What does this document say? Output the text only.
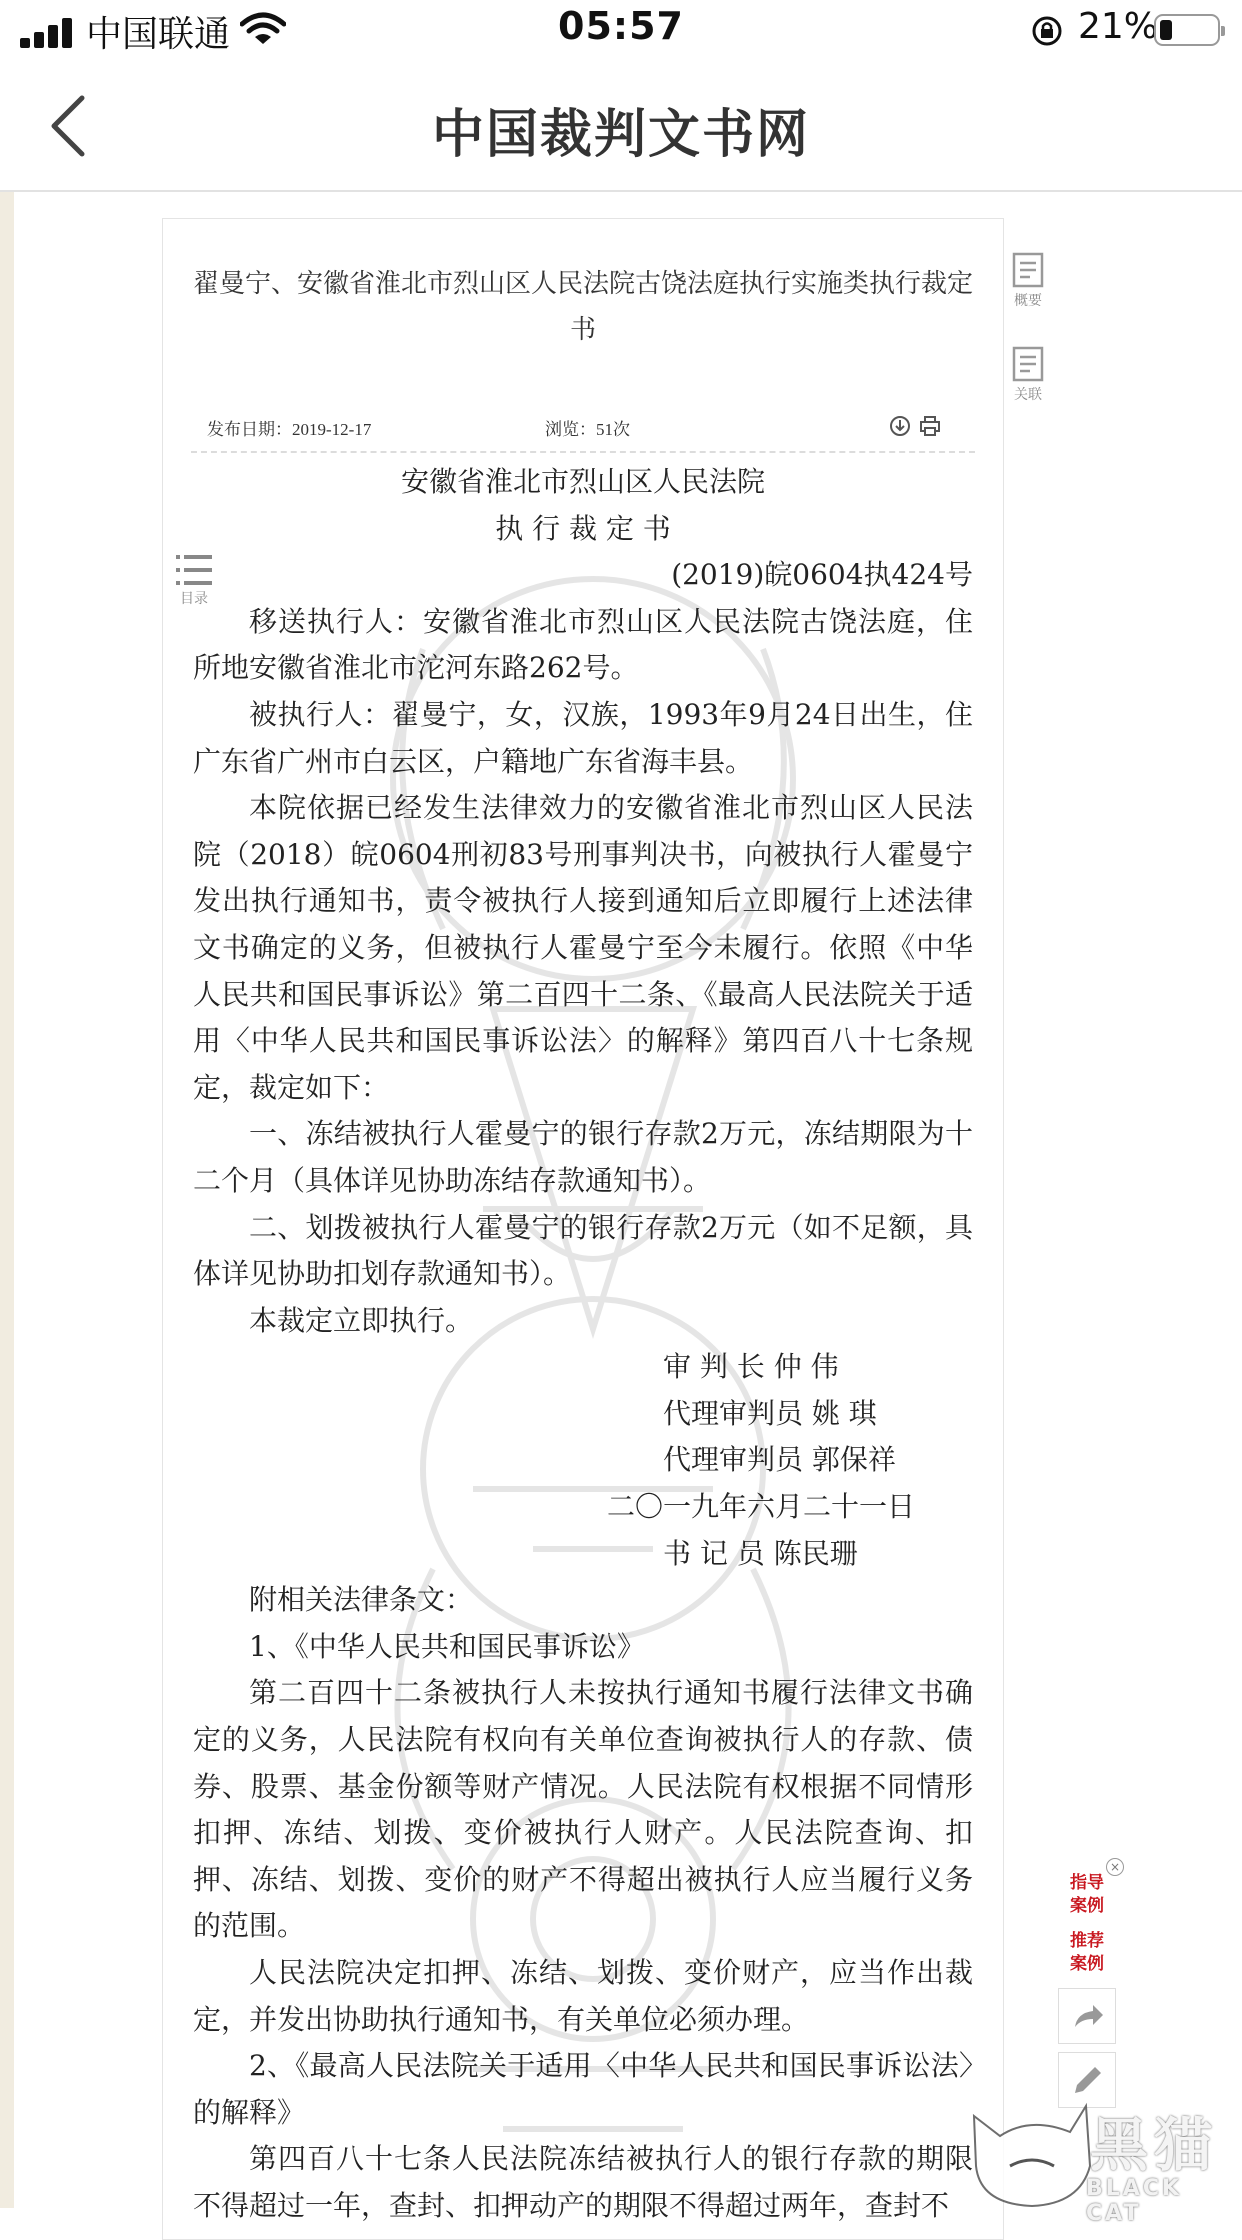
中国联通	05:57	21%
中国裁判文书网
翟曼宁、安徽省淮北市烈山区人民法院古饶法庭执行实施类执行裁定书
发布日期：2019-12-17	浏览：51次

安徽省淮北市烈山区人民法院

执 行 裁 定 书

(2019)皖0604执424号

移送执行人：安徽省淮北市烈山区人民法院古饶法庭，住所地安徽省淮北市沱河东路262号。

被执行人：翟曼宁，女，汉族，1993年9月24日出生，住广东省广州市白云区，户籍地广东省海丰县。

本院依据已经发生法律效力的安徽省淮北市烈山区人民法院（2018）皖0604刑初83号刑事判决书，向被执行人霍曼宁发出执行通知书，责令被执行人接到通知后立即履行上述法律文书确定的义务，但被执行人霍曼宁至今未履行。依照《中华人民共和国民事诉讼》第二百四十二条、《最高人民法院关于适用〈中华人民共和国民事诉讼法〉的解释》第四百八十七条规定，裁定如下：

一、冻结被执行人霍曼宁的银行存款2万元，冻结期限为十二个月（具体详见协助冻结存款通知书）。

二、划拨被执行人霍曼宁的银行存款2万元（如不足额，具体详见协助扣划存款通知书）。

本裁定立即执行。

审 判 长 仲 伟

代理审判员 姚 琪

代理审判员 郭保祥

二〇一九年六月二十一日

书 记 员 陈民珊

附相关法律条文：

1、《中华人民共和国民事诉讼》

第二百四十二条被执行人未按执行通知书履行法律文书确定的义务，人民法院有权向有关单位查询被执行人的存款、债券、股票、基金份额等财产情况。人民法院有权根据不同情形扣押、冻结、划拨、变价被执行人财产。人民法院查询、扣押、冻结、划拨、变价的财产不得超出被执行人应当履行义务的范围。

人民法院决定扣押、冻结、划拨、变价财产，应当作出裁定，并发出协助执行通知书，有关单位必须办理。

2、《最高人民法院关于适用〈中华人民共和国民事诉讼法〉的解释》

第四百八十七条人民法院冻结被执行人的银行存款的期限不得超过一年，查封、扣押动产的期限不得超过两年，查封不

概要
关联
目录
×
指导案例
推荐案例
黑猫
BLACK CAT
